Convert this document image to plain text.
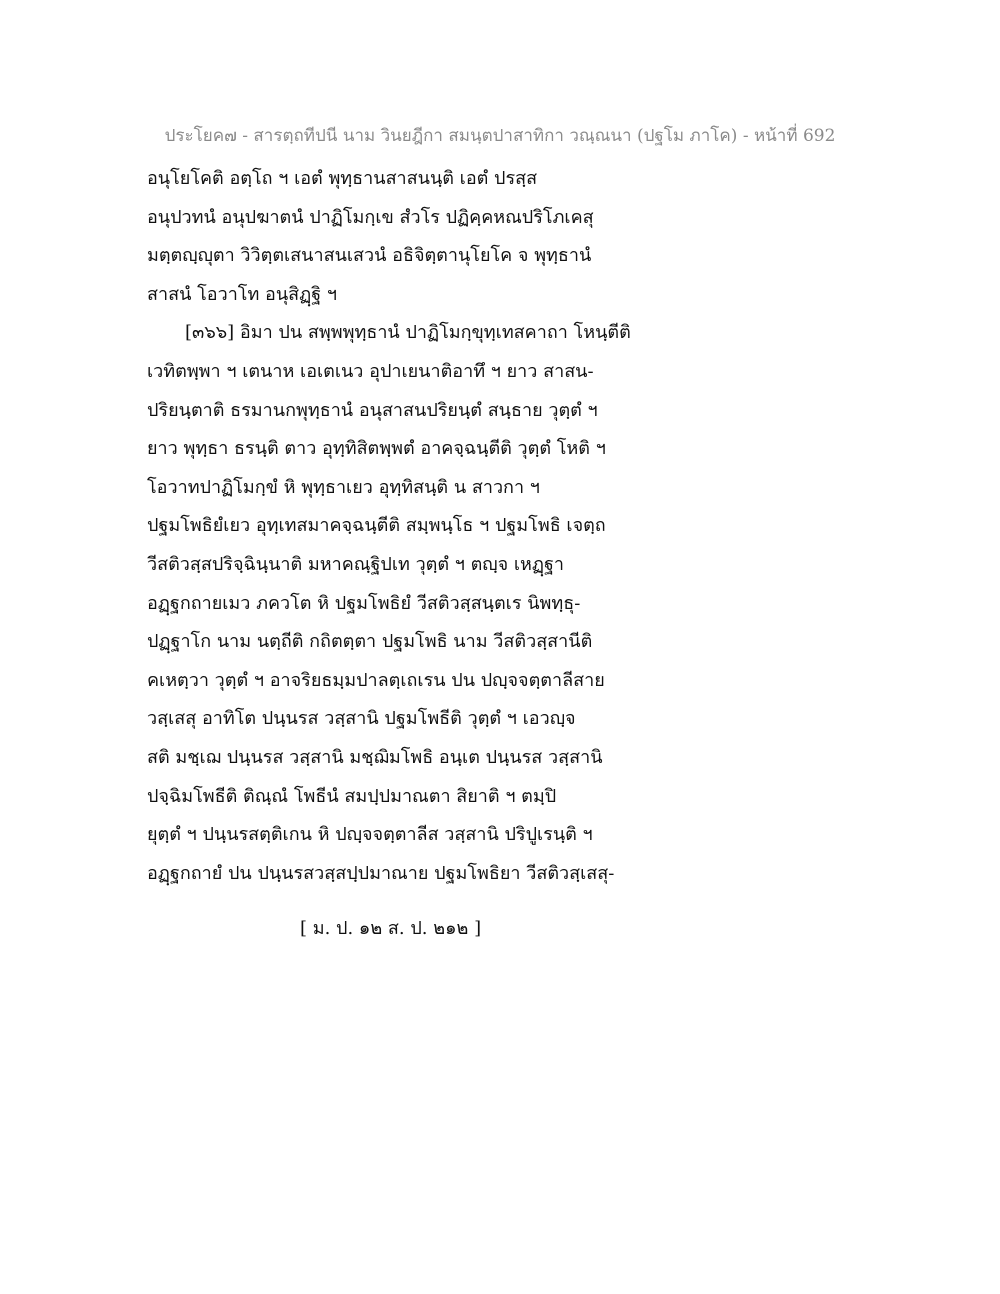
ประโยค๗ - สารตฺถทีปนี นาม วินยฎีกา สมนฺตปาสาทิกา วณฺณนา (ปฐโม ภาโค) - หน้าที่ 692
อนุโยโคติ อตฺโถ ฯ เอตํ พุทฺธานสาสนนฺติ เอตํ ปรสฺส
อนุปวทนํ อนุปฆาตนํ ปาฏิโมกฺเข สํวโร ปฏิคฺคหณปริโภเคสุ
มตฺตญฺญุตา วิวิตฺตเสนาสนเสวนํ อธิจิตฺตานุโยโค จ พุทฺธานํ
สาสนํ โอวาโท อนุสิฏฺฐิ ฯ
[๓๖๖] อิมา ปน สพฺพพุทฺธานํ ปาฏิโมกฺขุทฺเทสคาถา โหนฺตีติ
เวทิตพฺพา ฯ เตนาห เอเตเนว อุปาเยนาติอาทึ ฯ ยาว สาสน-
ปริยนฺตาติ ธรมานกพุทฺธานํ อนุสาสนปริยนฺตํ สนฺธาย วุตฺตํ ฯ
ยาว พุทฺธา ธรนฺติ ตาว อุทฺทิสิตพฺพตํ อาคจฺฉนฺตีติ วุตฺตํ โหติ ฯ
โอวาทปาฏิโมกฺขํ หิ พุทฺธาเยว อุทฺทิสนฺติ น สาวกา ฯ
ปฐมโพธิยํเยว อุทฺเทสมาคจฺฉนฺตีติ สมฺพนฺโธ ฯ ปฐมโพธิ เจตฺถ
วีสติวสฺสปริจฺฉินฺนาติ มหาคณฺฐิปเท วุตฺตํ ฯ ตญฺจ เหฏฺฐา
อฏฺฐกถายเมว ภควโต หิ ปฐมโพธิยํ วีสติวสฺสนฺตเร นิพทฺธุ-
ปฏฺฐาโก นาม นตฺถีติ กถิตตฺตา ปฐมโพธิ นาม วีสติวสฺสานีติ
คเหตฺวา วุตฺตํ ฯ อาจริยธมฺมปาลตฺเถเรน ปน ปญฺจจตฺตาลีสาย
วสฺเสสุ อาทิโต ปนฺนรส วสฺสานิ ปฐมโพธีติ วุตฺตํ ฯ เอวญฺจ
สติ มชฺเฌ ปนฺนรส วสฺสานิ มชฺฌิมโพธิ อนฺเต ปนฺนรส วสฺสานิ
ปจฺฉิมโพธีติ ติณฺณํ โพธีนํ สมปฺปมาณตา สิยาติ ฯ ตมฺปิ
ยุตฺตํ ฯ ปนฺนรสตฺติเกน หิ ปญฺจจตฺตาลีส วสฺสานิ ปริปูเรนฺติ ฯ
อฏฺฐกถายํ ปน ปนฺนรสวสฺสปฺปมาณาย ปฐมโพธิยา วีสติวสฺเสสุ-
[ ม. ป. ๑๒ ส. ป. ๒๑๒ ]
